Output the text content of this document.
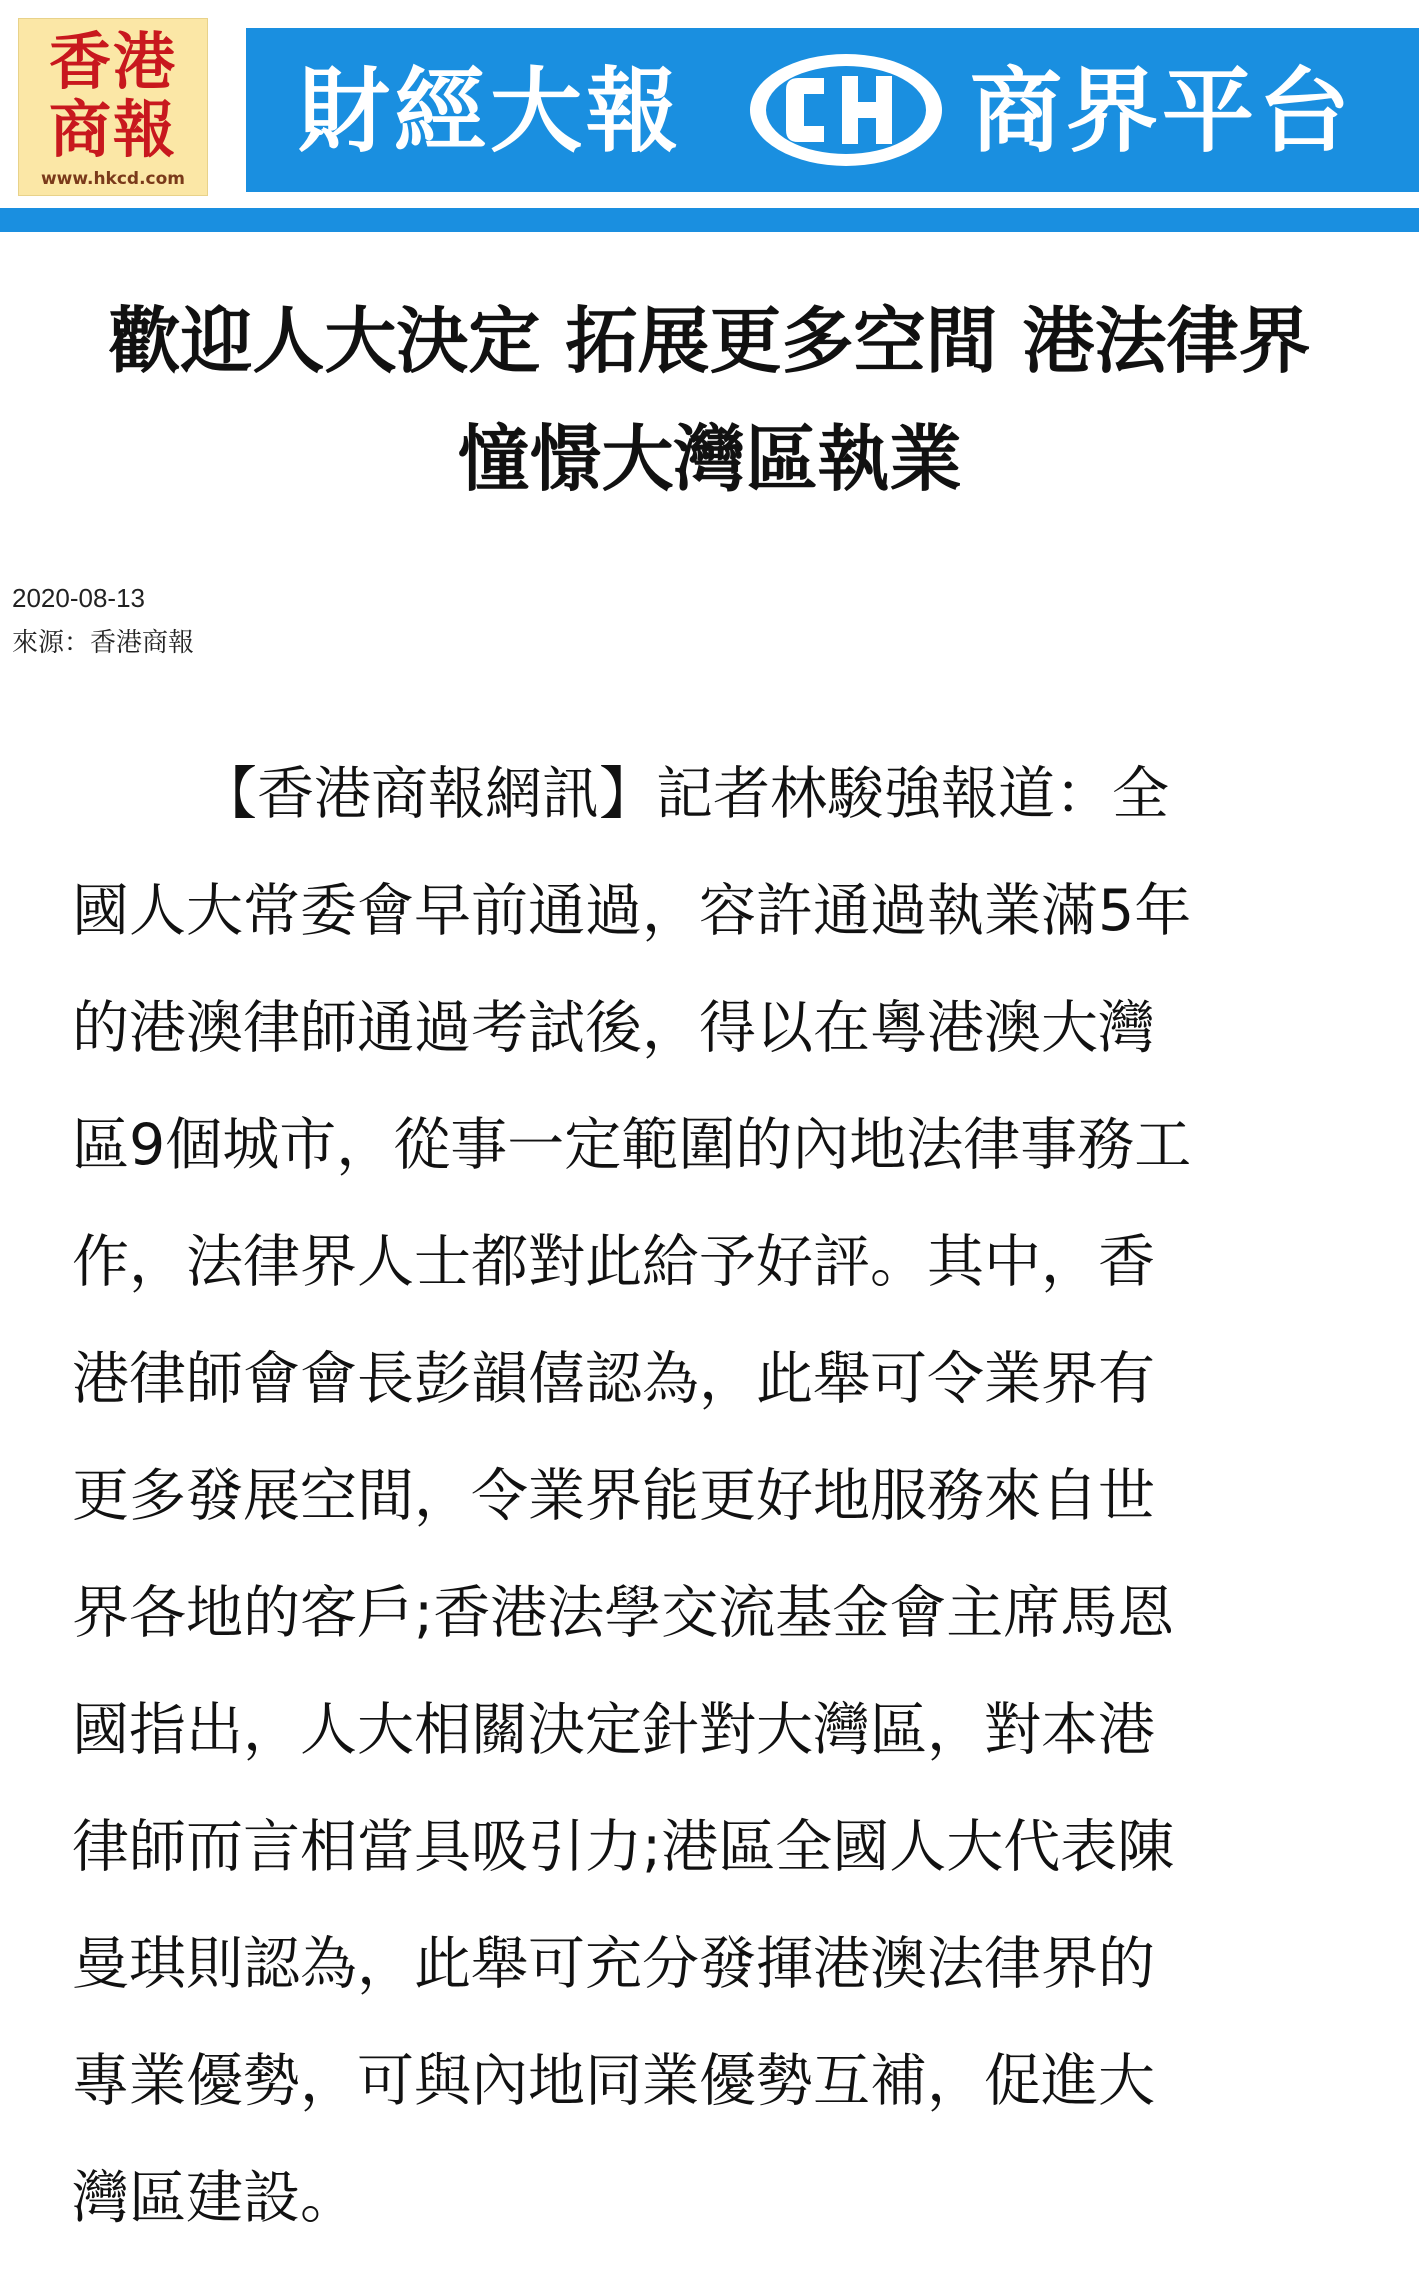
香港
商報
www.hkcd.com
財經大報
CH
商界平台
歡迎人大決定 拓展更多空間 港法律界
憧憬大灣區執業
2020-08-13
來源：香港商報
【香港商報網訊】記者林駿強報道：全
國人大常委會早前通過，容許通過執業滿5年
的港澳律師通過考試後，得以在粵港澳大灣
區9個城市，從事一定範圍的內地法律事務工
作，法律界人士都對此給予好評。其中，香
港律師會會長彭韻僖認為，此舉可令業界有
更多發展空間，令業界能更好地服務來自世
界各地的客戶;香港法學交流基金會主席馬恩
國指出，人大相關決定針對大灣區，對本港
律師而言相當具吸引力;港區全國人大代表陳
曼琪則認為，此舉可充分發揮港澳法律界的
專業優勢，可與內地同業優勢互補，促進大
灣區建設。
